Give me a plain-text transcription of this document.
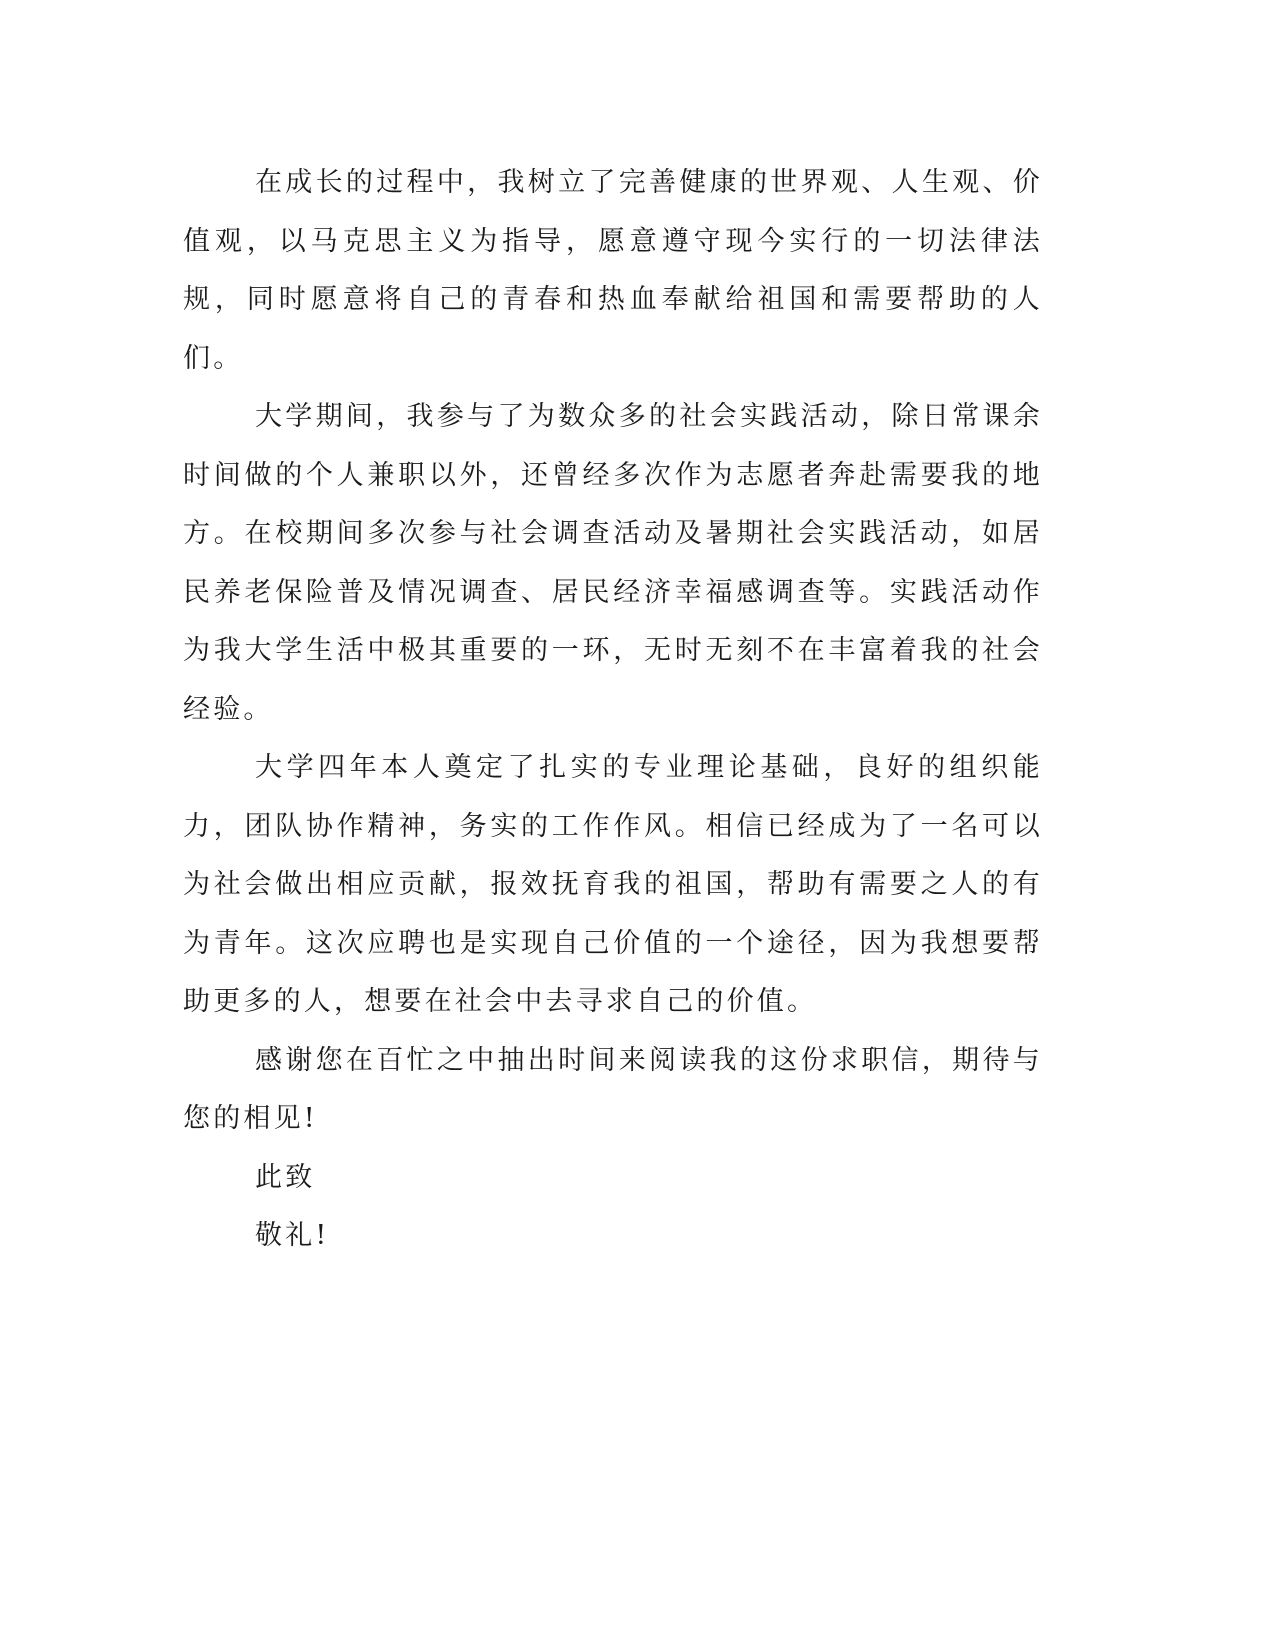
在成长的过程中，我树立了完善健康的世界观、人生观、价值观，以马克思主义为指导，愿意遵守现今实行的一切法律法规，同时愿意将自己的青春和热血奉献给祖国和需要帮助的人们。

大学期间，我参与了为数众多的社会实践活动，除日常课余时间做的个人兼职以外，还曾经多次作为志愿者奔赴需要我的地方。在校期间多次参与社会调查活动及暑期社会实践活动，如居民养老保险普及情况调查、居民经济幸福感调查等。实践活动作为我大学生活中极其重要的一环，无时无刻不在丰富着我的社会经验。

大学四年本人奠定了扎实的专业理论基础，良好的组织能力，团队协作精神，务实的工作作风。相信已经成为了一名可以为社会做出相应贡献，报效抚育我的祖国，帮助有需要之人的有为青年。这次应聘也是实现自己价值的一个途径，因为我想要帮助更多的人，想要在社会中去寻求自己的价值。

感谢您在百忙之中抽出时间来阅读我的这份求职信，期待与您的相见!

此致

敬礼!
